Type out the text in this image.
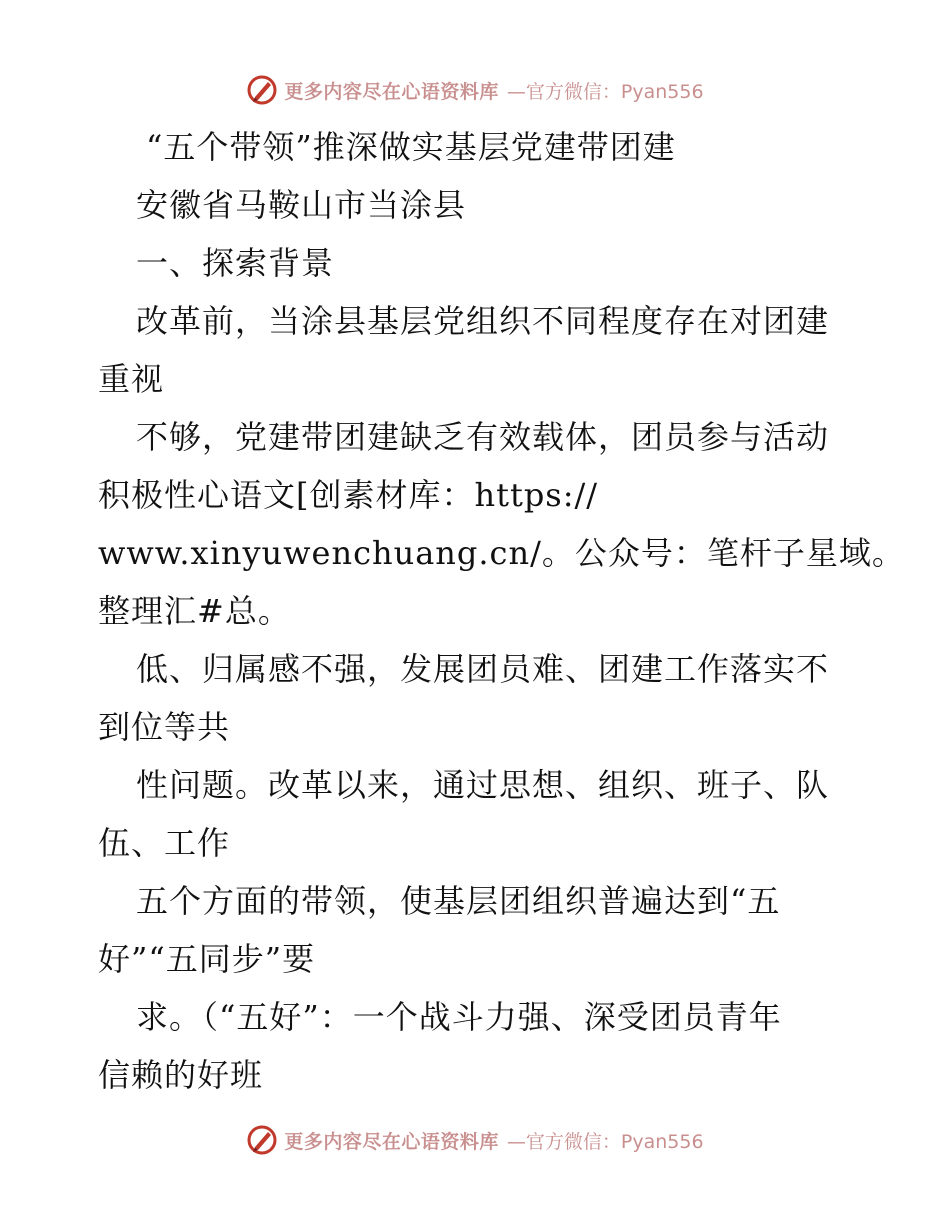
更多内容尽在心语资料库 —官方微信：Pyan556
“五个带领”推深做实基层党建带团建
安徽省马鞍山市当涂县
一、探索背景
改革前，当涂县基层党组织不同程度存在对团建
重视
不够，党建带团建缺乏有效载体，团员参与活动
积极性心语文[创素材库：https://
www.xinyuwenchuang.cn/。公众号：笔杆子星域。
整理汇#总。
低、归属感不强，发展团员难、团建工作落实不
到位等共
性问题。改革以来，通过思想、组织、班子、队
伍、工作
五个方面的带领，使基层团组织普遍达到“五
好”“五同步”要
求。（“五好”：一个战斗力强、深受团员青年
信赖的好班
更多内容尽在心语资料库 —官方微信：Pyan556
